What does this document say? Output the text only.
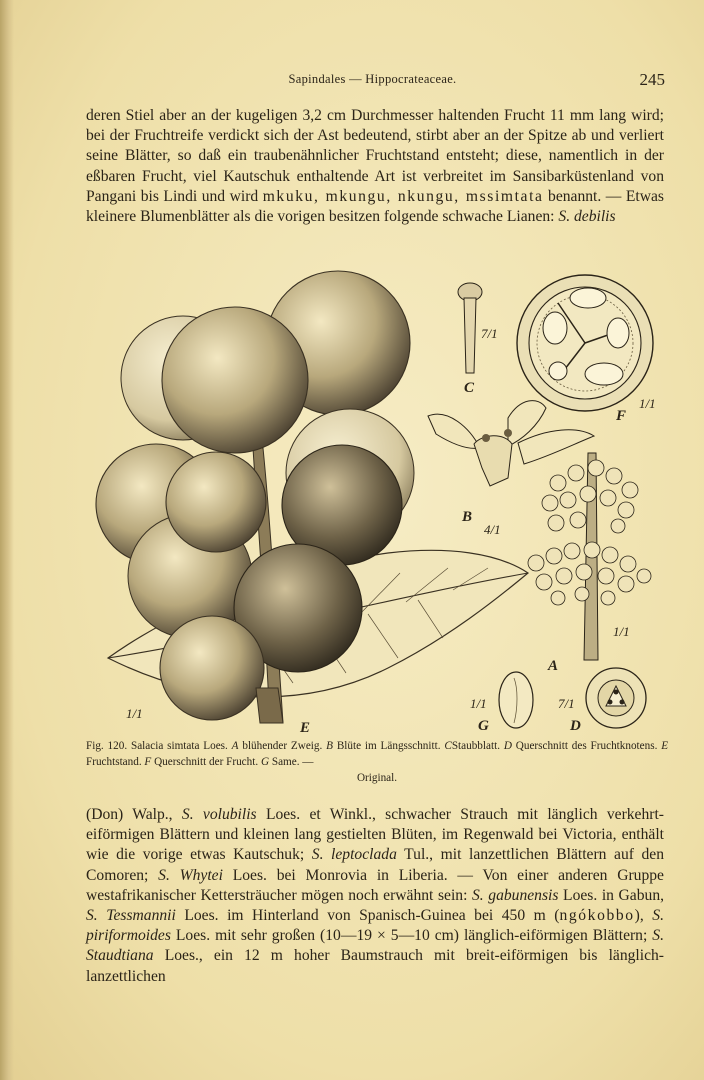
Sapindales — Hippocrateaceae.	245

deren Stiel aber an der kugeligen 3,2 cm Durchmesser haltenden Frucht 11 mm lang wird; bei der Fruchtreife verdickt sich der Ast bedeutend, stirbt aber an der Spitze ab und verliert seine Blätter, so daß ein traubenähnlicher Fruchtstand entsteht; diese, namentlich in der eßbaren Frucht, viel Kautschuk enthaltende Art ist verbreitet im Sansibarküstenland von Pangani bis Lindi und wird mkuku, mkungu, nkungu, mssimtata benannt. — Etwas kleinere Blumenblätter als die vorigen besitzen folgende schwache Lianen: S. debilis

E
1/1
C
7/1
F
1/1
B
4/1
A
1/1
G
1/1
D
7/1
Fig. 120. Salacia simtata Loes. A blühender Zweig. B Blüte im Längsschnitt. CStaubblatt. D Querschnitt des Fruchtknotens. E Fruchtstand. F Querschnitt der Frucht. G Same. —
Original.

(Don) Walp., S. volubilis Loes. et Winkl., schwacher Strauch mit länglich verkehrt-eiförmigen Blättern und kleinen lang gestielten Blüten, im Regenwald bei Victoria, enthält wie die vorige etwas Kautschuk; S. leptoclada Tul., mit lanzettlichen Blättern auf den Comoren; S. Whytei Loes. bei Monrovia in Liberia. — Von einer anderen Gruppe westafrikanischer Kettersträucher mögen noch erwähnt sein: S. gabunensis Loes. in Gabun, S. Tessmannii Loes. im Hinterland von Spanisch-Guinea bei 450 m (ngókobbo), S. piriformoides Loes. mit sehr großen (10—19 × 5—10 cm) länglich-eiförmigen Blättern; S. Staudtiana Loes., ein 12 m hoher Baumstrauch mit breit-eiförmigen bis länglich-lanzettlichen
